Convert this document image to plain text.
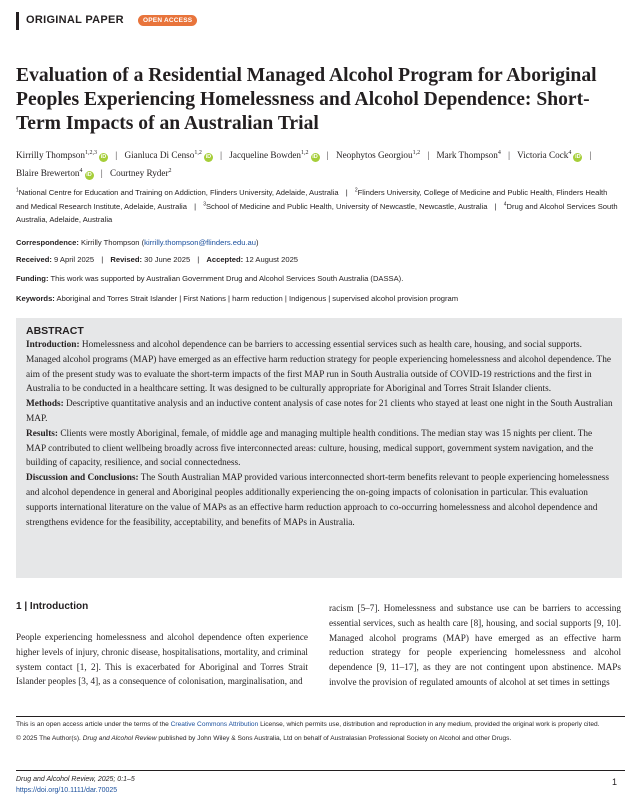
ORIGINAL PAPER	OPEN ACCESS
Evaluation of a Residential Managed Alcohol Program for Aboriginal Peoples Experiencing Homelessness and Alcohol Dependence: Short-Term Impacts of an Australian Trial
Kirrilly Thompson$^{1,2,3}$iD | Gianluca Di Censo$^{1,2}$iD | Jacqueline Bowden$^{1,2}$iD | Neophytos Georgiou$^{1,2}$ | Mark Thompson$^4$ | Victoria Cock$^4$iD | Blaire Brewerton$^4$iD | Courtney Ryder$^2$
$^1$National Centre for Education and Training on Addiction, Flinders University, Adelaide, Australia | $^2$Flinders University, College of Medicine and Public Health, Flinders Health and Medical Research Institute, Adelaide, Australia | $^3$School of Medicine and Public Health, University of Newcastle, Newcastle, Australia | $^4$Drug and Alcohol Services South Australia, Adelaide, Australia
Correspondence: Kirrilly Thompson (kirrilly.thompson@flinders.edu.au)
Received: 9 April 2025 | Revised: 30 June 2025 | Accepted: 12 August 2025
Funding: This work was supported by Australian Government Drug and Alcohol Services South Australia (DASSA).
Keywords: Aboriginal and Torres Strait Islander | First Nations | harm reduction | Indigenous | supervised alcohol provision program
ABSTRACT

Introduction: Homelessness and alcohol dependence can be barriers to accessing essential services such as health care, housing, and social supports. Managed alcohol programs (MAP) have emerged as an effective harm reduction strategy for people experiencing homelessness and alcohol dependence. The aim of the present study was to evaluate the short-term impacts of the first MAP run in South Australia outside of COVID-19 restrictions and the first in Australia to be conducted in a healthcare setting. It was designed to be culturally appropriate for Aboriginal and Torres Strait Islander clients.

Methods: Descriptive quantitative analysis and an inductive content analysis of case notes for 21 clients who stayed at least one night in the South Australian MAP.

Results: Clients were mostly Aboriginal, female, of middle age and managing multiple health conditions. The median stay was 15 nights per client. The MAP contributed to client wellbeing broadly across five interconnected areas: culture, housing, medical support, government system navigation, and the building of capacity, resilience, and social connectedness.

Discussion and Conclusions: The South Australian MAP provided various interconnected short-term benefits relevant to people experiencing homelessness and alcohol dependence in general and Aboriginal peoples additionally experiencing the on-going impacts of colonisation in particular. This evaluation supports international literature on the value of MAPs as an effective harm reduction approach to co-occurring homelessness and alcohol dependence and strengthens evidence for the feasibility, acceptability, and benefits of MAPs in Australia.

1 | Introduction

People experiencing homelessness and alcohol dependence often experience higher levels of injury, chronic disease, hospitalisations, mortality, and criminal system contact [1, 2]. This is exacerbated for Aboriginal and Torres Strait Islander peoples [3, 4], as a consequence of colonisation, marginalisation, and

racism [5–7]. Homelessness and substance use can be barriers to accessing essential services, such as health care [8], housing, and social supports [9, 10]. Managed alcohol programs (MAP) have emerged as an effective harm reduction strategy for people experiencing homelessness and alcohol dependence [9, 11–17], as they are not contingent upon abstinence. MAPs involve the provision of regulated amounts of alcohol at set times in settings

This is an open access article under the terms of the Creative Commons Attribution License, which permits use, distribution and reproduction in any medium, provided the original work is properly cited.
© 2025 The Author(s). Drug and Alcohol Review published by John Wiley & Sons Australia, Ltd on behalf of Australasian Professional Society on Alcohol and other Drugs.
Drug and Alcohol Review, 2025; 0:1–5
https://doi.org/10.1111/dar.70025
1
